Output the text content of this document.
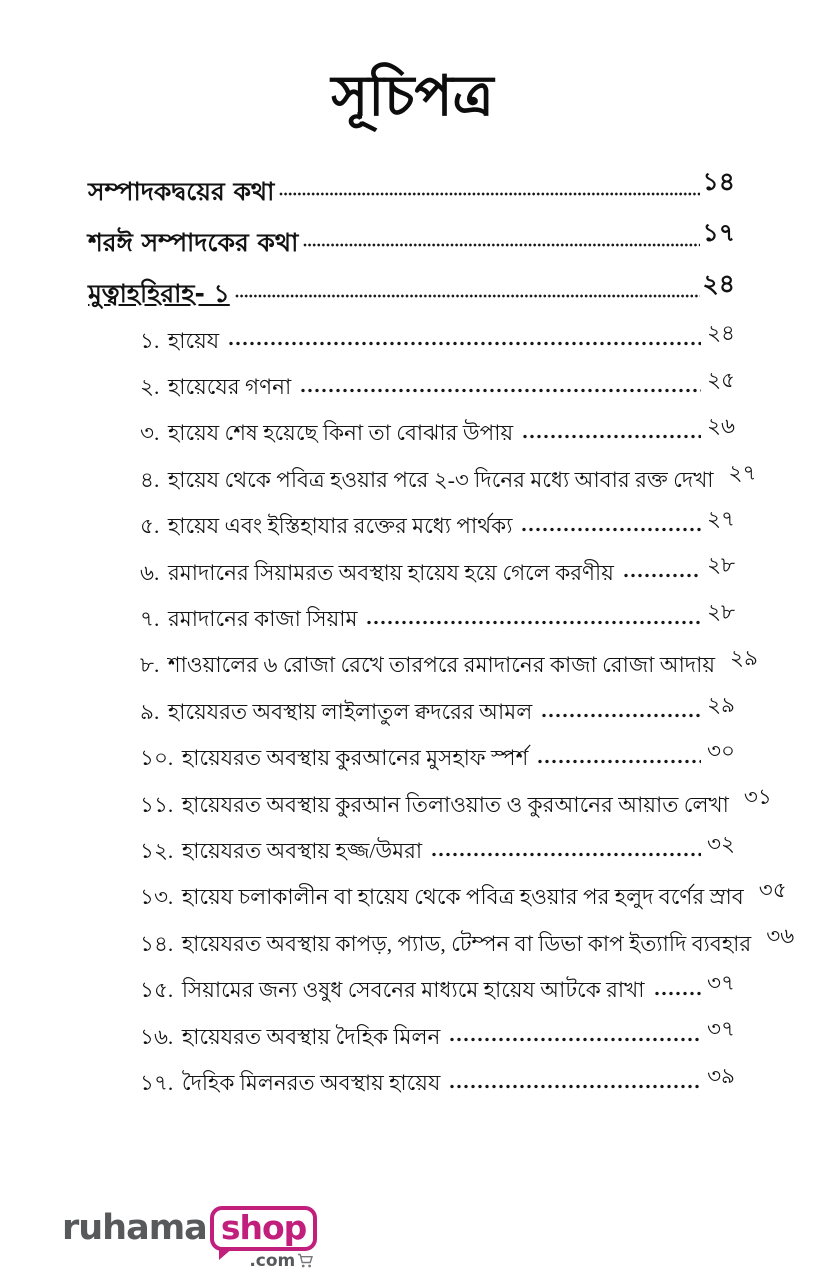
সূচিপত্র
সম্পাদকদ্বয়ের কথা	১৪
শরঈ সম্পাদকের কথা	১৭
মুত্বাহহিরাহ- ১	২৪
১. হায়েয	২৪
২. হায়েযের গণনা	২৫
৩. হায়েয শেষ হয়েছে কিনা তা বোঝার উপায়	২৬
৪. হায়েয থেকে পবিত্র হওয়ার পরে ২-৩ দিনের মধ্যে আবার রক্ত দেখা ২৭
৫. হায়েয এবং ইস্তিহাযার রক্তের মধ্যে পার্থক্য	২৭
৬. রমাদানের সিয়ামরত অবস্থায় হায়েয হয়ে গেলে করণীয়	২৮
৭. রমাদানের কাজা সিয়াম	২৮
৮. শাওয়ালের ৬ রোজা রেখে তারপরে রমাদানের কাজা রোজা আদায় ২৯
৯. হায়েযরত অবস্থায় লাইলাতুল ক্বদরের আমল	২৯
১০. হায়েযরত অবস্থায় কুরআনের মুসহাফ স্পর্শ	৩০
১১. হায়েযরত অবস্থায় কুরআন তিলাওয়াত ও কুরআনের আয়াত লেখা ৩১
১২. হায়েযরত অবস্থায় হজ্জ/উমরা	৩২
১৩. হায়েয চলাকালীন বা হায়েয থেকে পবিত্র হওয়ার পর হলুদ বর্ণের স্রাব ৩৫
১৪. হায়েযরত অবস্থায় কাপড়, প্যাড, টেম্পন বা ডিভা কাপ ইত্যাদি ব্যবহার ৩৬
১৫. সিয়ামের জন্য ওষুধ সেবনের মাধ্যমে হায়েয আটকে রাখা	৩৭
১৬. হায়েযরত অবস্থায় দৈহিক মিলন	৩৭
১৭. দৈহিক মিলনরত অবস্থায় হায়েয	৩৯
ruhama shop
.com
